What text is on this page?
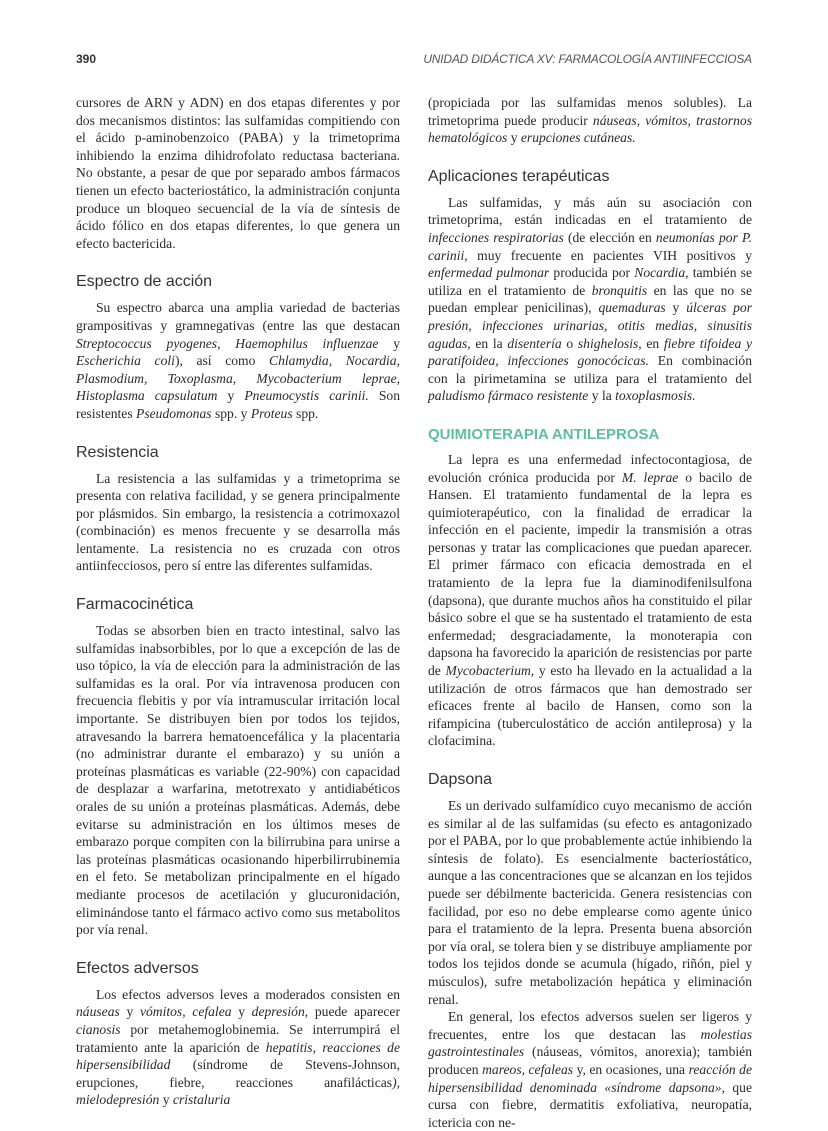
390	UNIDAD DIDÁCTICA XV: FARMACOLOGÍA ANTIINFECCIOSA

cursores de ARN y ADN) en dos etapas diferentes y por dos mecanismos distintos: las sulfamidas compitiendo con el ácido p-aminobenzoico (PABA) y la trimetoprima inhibiendo la enzima dihidrofolato reductasa bacteriana. No obstante, a pesar de que por separado ambos fármacos tienen un efecto bacteriostático, la administración conjunta produce un bloqueo secuencial de la vía de síntesis de ácido fólico en dos etapas diferentes, lo que genera un efecto bactericida.

Espectro de acción

Su espectro abarca una amplia variedad de bacterias grampositivas y gramnegativas (entre las que destacan Streptococcus pyogenes, Haemophilus influenzae y Escherichia coli), así como Chlamydia, Nocardia, Plasmodium, Toxoplasma, Mycobacterium leprae, Histoplasma capsulatum y Pneumocystis carinii. Son resistentes Pseudomonas spp. y Proteus spp.

Resistencia

La resistencia a las sulfamidas y a trimetoprima se presenta con relativa facilidad, y se genera principalmente por plásmidos. Sin embargo, la resistencia a cotrimoxazol (combinación) es menos frecuente y se desarrolla más lentamente. La resistencia no es cruzada con otros antiinfecciosos, pero sí entre las diferentes sulfamidas.

Farmacocinética

Todas se absorben bien en tracto intestinal, salvo las sulfamidas inabsorbibles, por lo que a excepción de las de uso tópico, la vía de elección para la administración de las sulfamidas es la oral. Por vía intravenosa producen con frecuencia flebitis y por vía intramuscular irritación local importante. Se distribuyen bien por todos los tejidos, atravesando la barrera hematoencefálica y la placentaria (no administrar durante el embarazo) y su unión a proteínas plasmáticas es variable (22-90%) con capacidad de desplazar a warfarina, metotrexato y antidiabéticos orales de su unión a proteínas plasmáticas. Además, debe evitarse su administración en los últimos meses de embarazo porque compiten con la bilirrubina para unirse a las proteínas plasmáticas ocasionando hiperbilirrubinemia en el feto. Se metabolizan principalmente en el hígado mediante procesos de acetilación y glucuronidación, eliminándose tanto el fármaco activo como sus metabolitos por vía renal.

Efectos adversos

Los efectos adversos leves a moderados consisten en náuseas y vómitos, cefalea y depresión, puede aparecer cianosis por metahemoglobinemia. Se interrumpirá el tratamiento ante la aparición de hepatitis, reacciones de hipersensibilidad (síndrome de Stevens-Johnson, erupciones, fiebre, reacciones anafilácticas), mielodepresión y cristaluria

(propiciada por las sulfamidas menos solubles). La trimetoprima puede producir náuseas, vómitos, trastornos hematológicos y erupciones cutáneas.

Aplicaciones terapéuticas

Las sulfamidas, y más aún su asociación con trimetoprima, están indicadas en el tratamiento de infecciones respiratorias (de elección en neumonías por P. carinii, muy frecuente en pacientes VIH positivos y enfermedad pulmonar producida por Nocardia, también se utiliza en el tratamiento de bronquitis en las que no se puedan emplear penicilinas), quemaduras y úlceras por presión, infecciones urinarias, otitis medias, sinusitis agudas, en la disentería o shighelosis, en fiebre tifoidea y paratifoidea, infecciones gonocócicas. En combinación con la pirimetamina se utiliza para el tratamiento del paludismo fármaco resistente y la toxoplasmosis.

QUIMIOTERAPIA ANTILEPROSA

La lepra es una enfermedad infectocontagiosa, de evolución crónica producida por M. leprae o bacilo de Hansen. El tratamiento fundamental de la lepra es quimioterapéutico, con la finalidad de erradicar la infección en el paciente, impedir la transmisión a otras personas y tratar las complicaciones que puedan aparecer. El primer fármaco con eficacia demostrada en el tratamiento de la lepra fue la diaminodifenilsulfona (dapsona), que durante muchos años ha constituido el pilar básico sobre el que se ha sustentado el tratamiento de esta enfermedad; desgraciadamente, la monoterapia con dapsona ha favorecido la aparición de resistencias por parte de Mycobacterium, y esto ha llevado en la actualidad a la utilización de otros fármacos que han demostrado ser eficaces frente al bacilo de Hansen, como son la rifampicina (tuberculostático de acción antileprosa) y la clofacimina.

Dapsona

Es un derivado sulfamídico cuyo mecanismo de acción es similar al de las sulfamidas (su efecto es antagonizado por el PABA, por lo que probablemente actúe inhibiendo la síntesis de folato). Es esencialmente bacteriostático, aunque a las concentraciones que se alcanzan en los tejidos puede ser débilmente bactericida. Genera resistencias con facilidad, por eso no debe emplearse como agente único para el tratamiento de la lepra. Presenta buena absorción por vía oral, se tolera bien y se distribuye ampliamente por todos los tejidos donde se acumula (hígado, riñón, piel y músculos), sufre metabolización hepática y eliminación renal.

En general, los efectos adversos suelen ser ligeros y frecuentes, entre los que destacan las molestias gastrointestinales (náuseas, vómitos, anorexia); también producen mareos, cefaleas y, en ocasiones, una reacción de hipersensibilidad denominada «síndrome dapsona», que cursa con fiebre, dermatitis exfoliativa, neuropatía, ictericia con ne-
